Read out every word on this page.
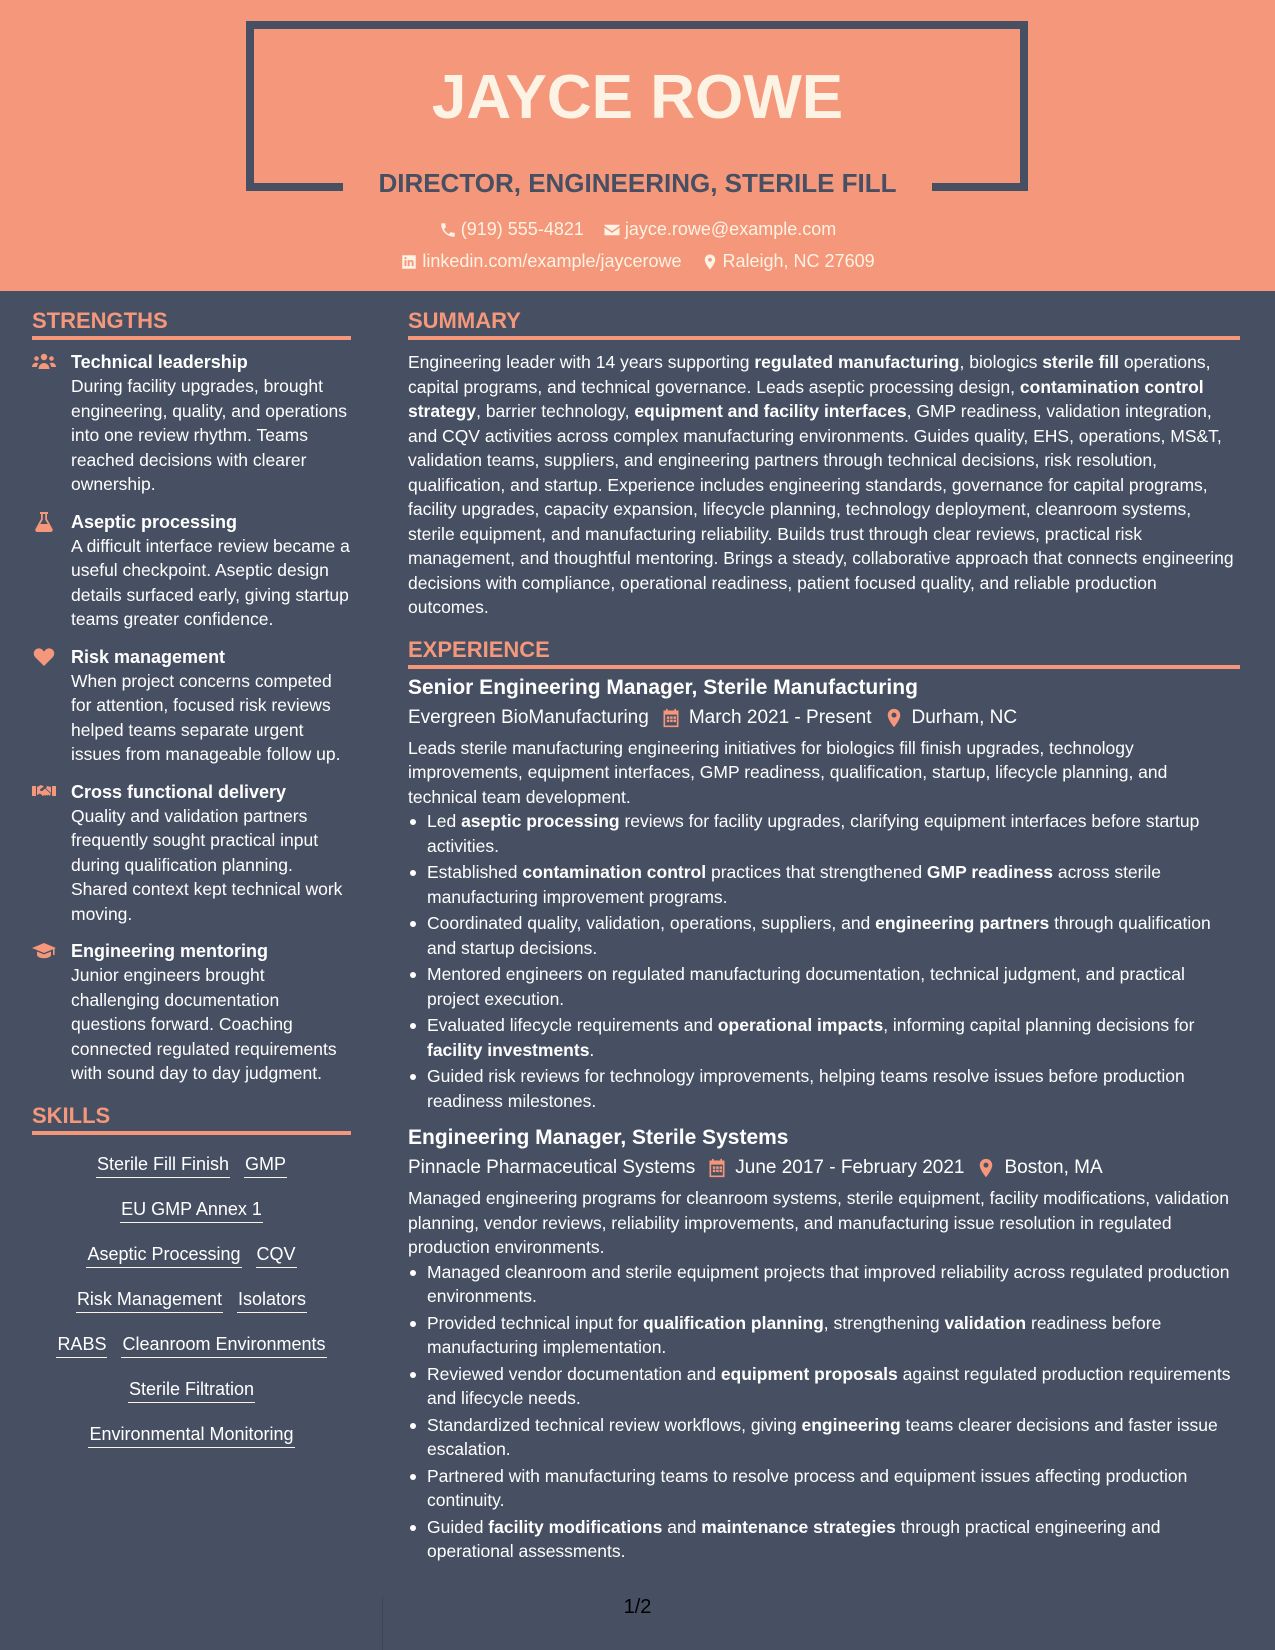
JAYCE ROWE
DIRECTOR, ENGINEERING, STERILE FILL
(919) 555-4821
jayce.rowe@example.com
linkedin.com/example/jaycerowe
Raleigh, NC 27609
STRENGTHS
Technical leadership
During facility upgrades, brought engineering, quality, and operations into one review rhythm. Teams reached decisions with clearer ownership.
Aseptic processing
A difficult interface review became a useful checkpoint. Aseptic design details surfaced early, giving startup teams greater confidence.
Risk management
When project concerns competed for attention, focused risk reviews helped teams separate urgent issues from manageable follow up.
Cross functional delivery
Quality and validation partners frequently sought practical input during qualification planning. Shared context kept technical work moving.
Engineering mentoring
Junior engineers brought challenging documentation questions forward. Coaching connected regulated requirements with sound day to day judgment.
SKILLS
Sterile Fill Finish GMP
EU GMP Annex 1
Aseptic Processing CQV
Risk Management Isolators
RABS Cleanroom Environments
Sterile Filtration
Environmental Monitoring
SUMMARY

Engineering leader with 14 years supporting regulated manufacturing, biologics sterile fill operations, capital programs, and technical governance. Leads aseptic processing design, contamination control strategy, barrier technology, equipment and facility interfaces, GMP readiness, validation integration, and CQV activities across complex manufacturing environments. Guides quality, EHS, operations, MS&T, validation teams, suppliers, and engineering partners through technical decisions, risk resolution, qualification, and startup. Experience includes engineering standards, governance for capital programs, facility upgrades, capacity expansion, lifecycle planning, technology deployment, cleanroom systems, sterile equipment, and manufacturing reliability. Builds trust through clear reviews, practical risk management, and thoughtful mentoring. Brings a steady, collaborative approach that connects engineering decisions with compliance, operational readiness, patient focused quality, and reliable production outcomes.

EXPERIENCE
Senior Engineering Manager, Sterile Manufacturing
Evergreen BioManufacturing March 2021 - Present Durham, NC

Leads sterile manufacturing engineering initiatives for biologics fill finish upgrades, technology improvements, equipment interfaces, GMP readiness, qualification, startup, lifecycle planning, and technical team development.

Led aseptic processing reviews for facility upgrades, clarifying equipment interfaces before startup activities.
Established contamination control practices that strengthened GMP readiness across sterile manufacturing improvement programs.
Coordinated quality, validation, operations, suppliers, and engineering partners through qualification and startup decisions.
Mentored engineers on regulated manufacturing documentation, technical judgment, and practical project execution.
Evaluated lifecycle requirements and operational impacts, informing capital planning decisions for facility investments.
Guided risk reviews for technology improvements, helping teams resolve issues before production readiness milestones.
Engineering Manager, Sterile Systems
Pinnacle Pharmaceutical Systems June 2017 - February 2021 Boston, MA

Managed engineering programs for cleanroom systems, sterile equipment, facility modifications, validation planning, vendor reviews, reliability improvements, and manufacturing issue resolution in regulated production environments.

Managed cleanroom and sterile equipment projects that improved reliability across regulated production environments.
Provided technical input for qualification planning, strengthening validation readiness before manufacturing implementation.
Reviewed vendor documentation and equipment proposals against regulated production requirements and lifecycle needs.
Standardized technical review workflows, giving engineering teams clearer decisions and faster issue escalation.
Partnered with manufacturing teams to resolve process and equipment issues affecting production continuity.
Guided facility modifications and maintenance strategies through practical engineering and operational assessments.
1/2
